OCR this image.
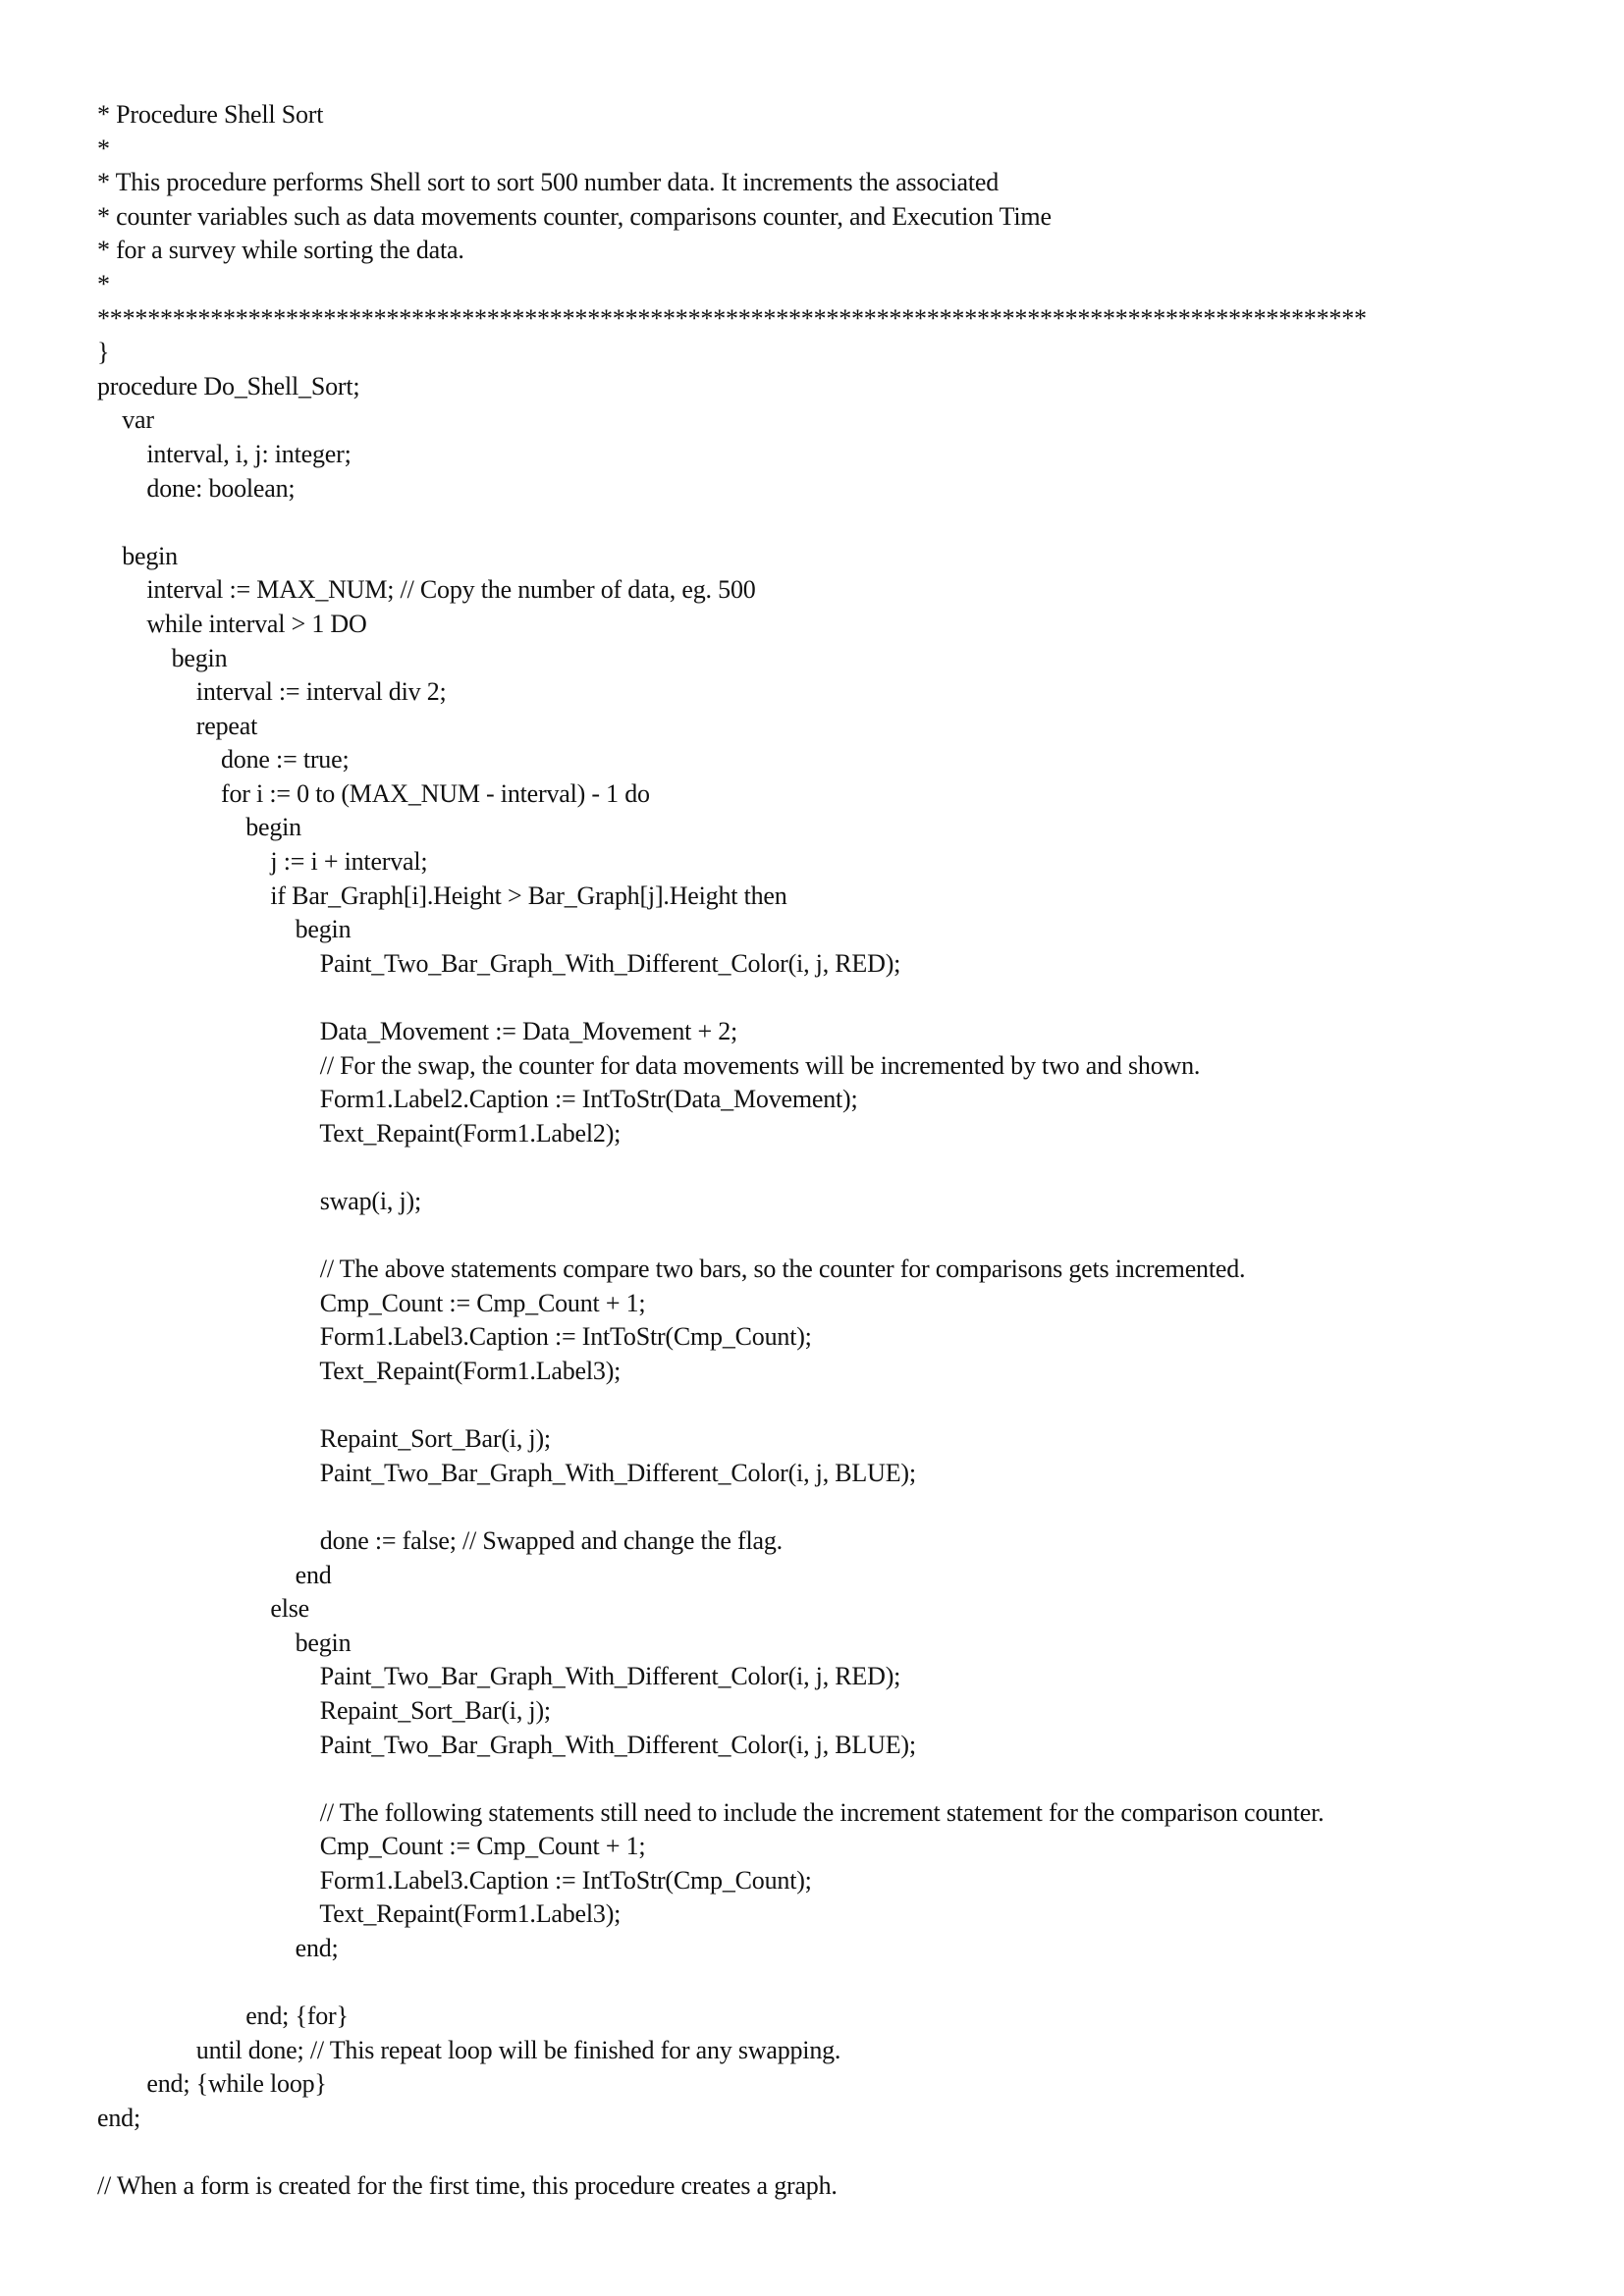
* Procedure Shell Sort
*
* This procedure performs Shell sort to sort 500 number data. It increments the associated
* counter variables such as data movements counter, comparisons counter, and Execution Time
* for a survey while sorting the data.
*
*****************************************************************************************************
}
procedure Do_Shell_Sort;
var
interval, i, j: integer;
done: boolean;
begin
interval := MAX_NUM; // Copy the number of data, eg. 500
while interval > 1 DO
begin
interval := interval div 2;
repeat
done := true;
for i := 0 to (MAX_NUM - interval) - 1 do
begin
j := i + interval;
if Bar_Graph[i].Height > Bar_Graph[j].Height then
begin
Paint_Two_Bar_Graph_With_Different_Color(i, j, RED);
Data_Movement := Data_Movement + 2;
// For the swap, the counter for data movements will be incremented by two and shown.
Form1.Label2.Caption := IntToStr(Data_Movement);
Text_Repaint(Form1.Label2);
swap(i, j);
// The above statements compare two bars, so the counter for comparisons gets incremented.
Cmp_Count := Cmp_Count + 1;
Form1.Label3.Caption := IntToStr(Cmp_Count);
Text_Repaint(Form1.Label3);
Repaint_Sort_Bar(i, j);
Paint_Two_Bar_Graph_With_Different_Color(i, j, BLUE);
done := false; // Swapped and change the flag.
end
else
begin
Paint_Two_Bar_Graph_With_Different_Color(i, j, RED);
Repaint_Sort_Bar(i, j);
Paint_Two_Bar_Graph_With_Different_Color(i, j, BLUE);
// The following statements still need to include the increment statement for the comparison counter.
Cmp_Count := Cmp_Count + 1;
Form1.Label3.Caption := IntToStr(Cmp_Count);
Text_Repaint(Form1.Label3);
end;
end; {for}
until done; // This repeat loop will be finished for any swapping.
end; {while loop}
end;
// When a form is created for the first time, this procedure creates a graph.
